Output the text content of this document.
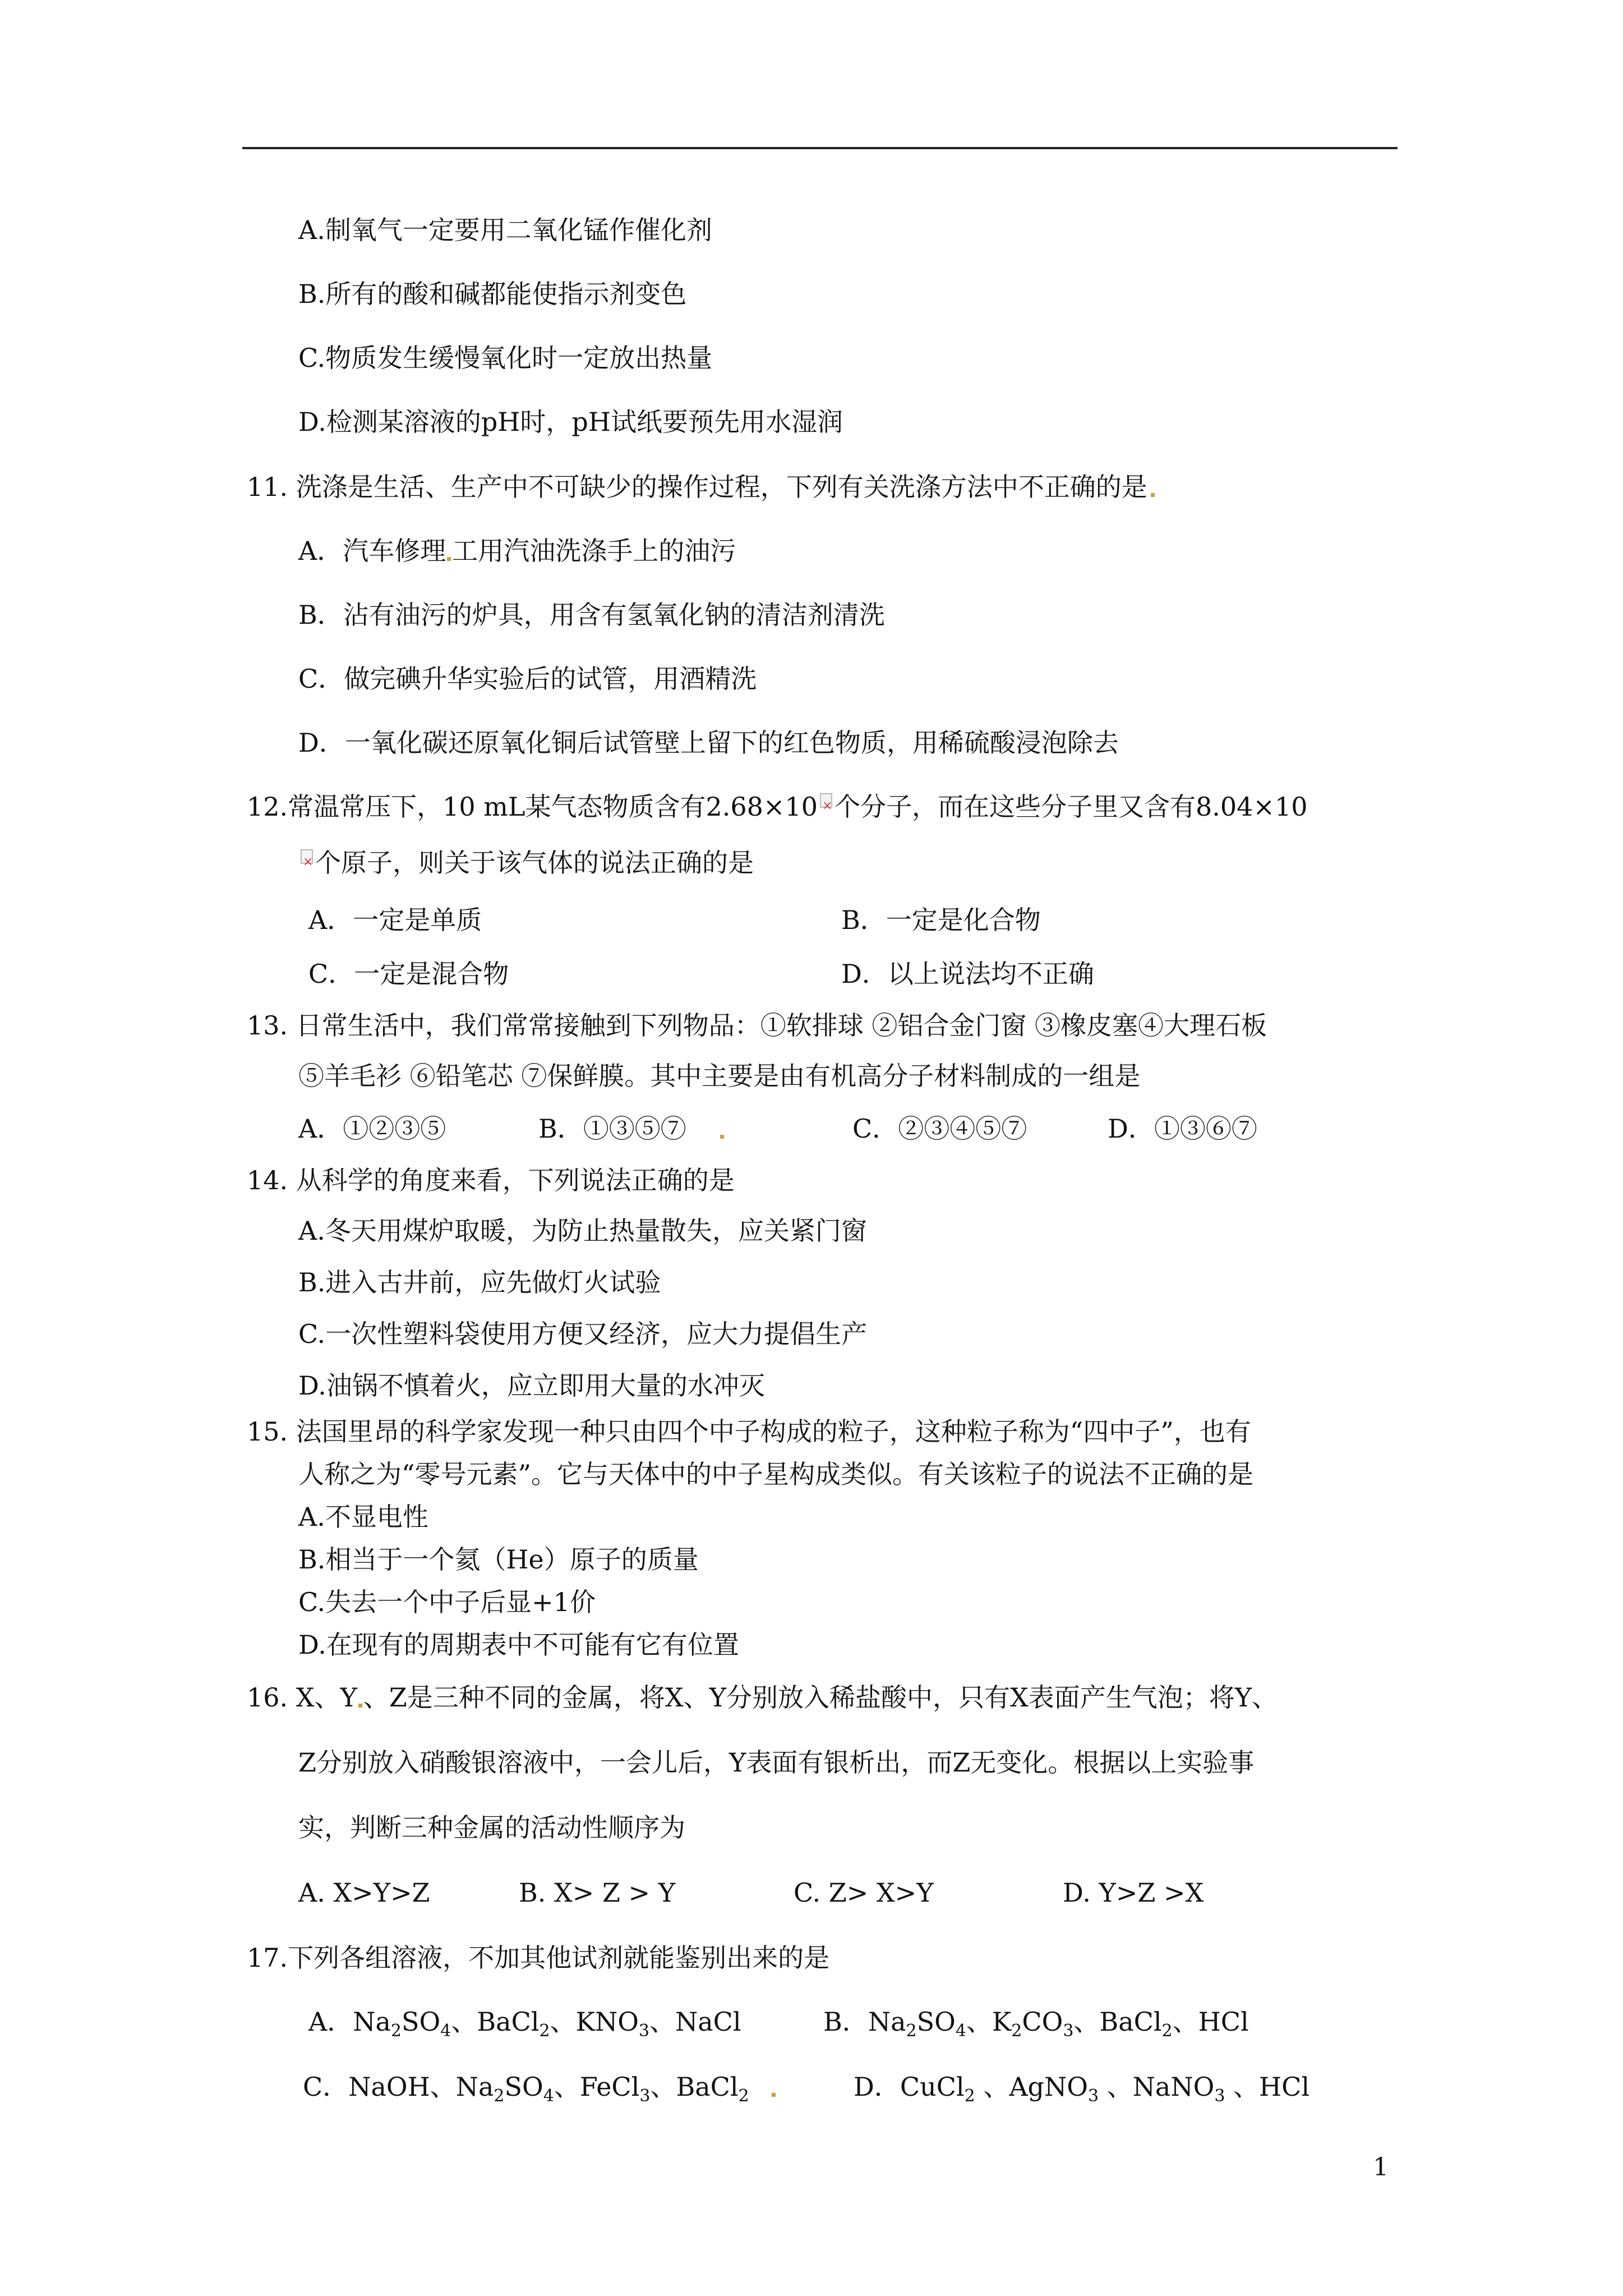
A.制氧气一定要用二氧化锰作催化剂
B.所有的酸和碱都能使指示剂变色
C.物质发生缓慢氧化时一定放出热量
D.检测某溶液的pH时，pH试纸要预先用水湿润
11. 洗涤是生活、生产中不可缺少的操作过程，下列有关洗涤方法中不正确的是
A．汽车修理 工用汽油洗涤手上的油污
B．沾有油污的炉具，用含有氢氧化钠的清洁剂清洗
C．做完碘升华实验后的试管，用酒精洗
D．一氧化碳还原氧化铜后试管壁上留下的红色物质，用稀硫酸浸泡除去
12.常温常压下，10 mL某气态物质含有2.68×10× 个分子，而在这些分子里又含有8.04×10
×个原子，则关于该气体的说法正确的是
A．一定是单质	B．一定是化合物
C．一定是混合物	D．以上说法均不正确
13. 日常生活中，我们常常接触到下列物品：①软排球 ②铝合金门窗 ③橡皮塞④大理石板
⑤羊毛衫 ⑥铅笔芯 ⑦保鲜膜。其中主要是由有机高分子材料制成的一组是
A．①②③⑤	B．①③⑤⑦	C．②③④⑤⑦	D．①③⑥⑦
14. 从科学的角度来看，下列说法正确的是
A.冬天用煤炉取暖，为防止热量散失，应关紧门窗
B.进入古井前，应先做灯火试验
C.一次性塑料袋使用方便又经济，应大力提倡生产
D.油锅不慎着火，应立即用大量的水冲灭
15. 法国里昂的科学家发现一种只由四个中子构成的粒子，这种粒子称为“四中子”，也有
人称之为“零号元素”。它与天体中的中子星构成类似。有关该粒子的说法不正确的是
A.不显电性
B.相当于一个氦（He）原子的质量
C.失去一个中子后显+1价
D.在现有的周期表中不可能有它有位置
16. X、Y 、Z是三种不同的金属，将X、Y分别放入稀盐酸中，只有X表面产生气泡；将Y、
Z分别放入硝酸银溶液中，一会儿后，Y表面有银析出，而Z无变化。根据以上实验事
实，判断三种金属的活动性顺序为
A. X>Y>Z	B. X> Z > Y	C. Z> X>Y	D. Y>Z >X
17.下列各组溶液，不加其他试剂就能鉴别出来的是
A．$Na_2SO_4$、BaCl$_2$、$KNO_3$、NaCl	B．$Na_2SO_4$、$K_2CO_3$、BaCl$_2$、HCl
C．NaOH、$Na_2SO_4$、FeCl$_3$、BaCl$_2$	D．CuCl$_2$ 、AgNO$_3$ 、NaNO$_3$ 、HCl
1
